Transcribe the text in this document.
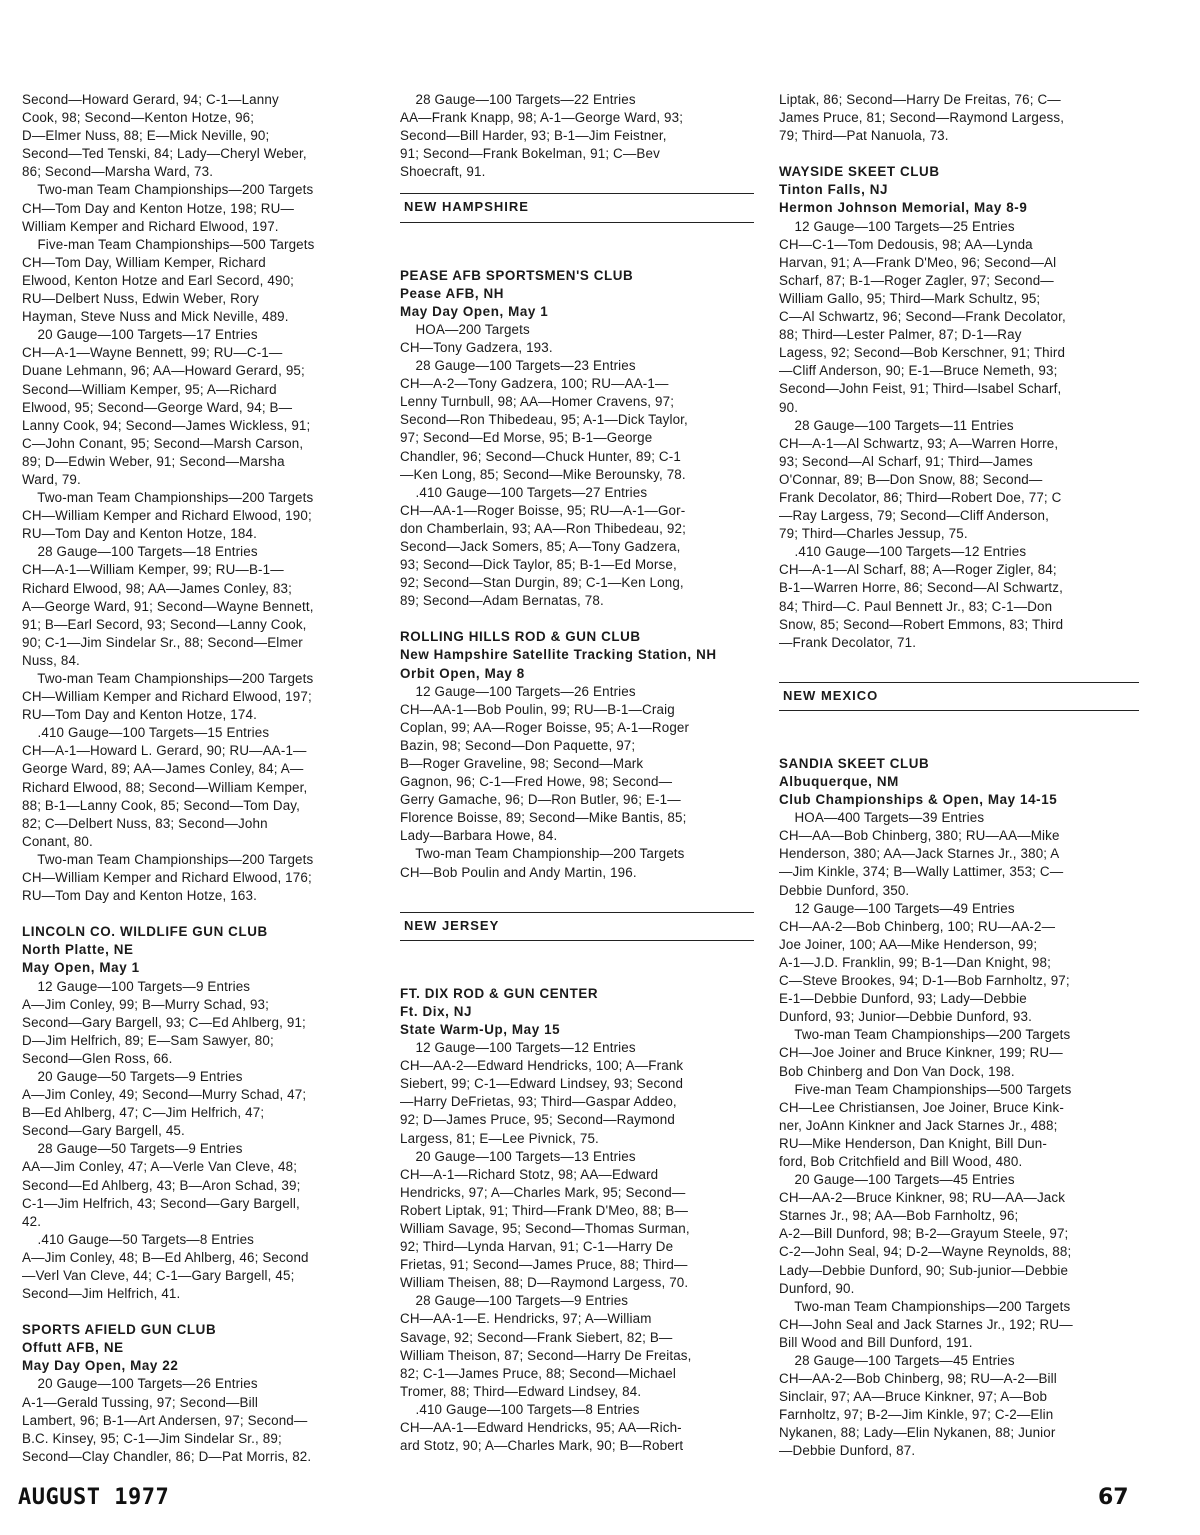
Second—Howard Gerard, 94; C-1—Lanny
Cook, 98; Second—Kenton Hotze, 96;
D—Elmer Nuss, 88; E—Mick Neville, 90;
Second—Ted Tenski, 84; Lady—Cheryl Weber,
86; Second—Marsha Ward, 73.
Two-man Team Championships—200 Targets
CH—Tom Day and Kenton Hotze, 198; RU—
William Kemper and Richard Elwood, 197.
Five-man Team Championships—500 Targets
CH—Tom Day, William Kemper, Richard
Elwood, Kenton Hotze and Earl Secord, 490;
RU—Delbert Nuss, Edwin Weber, Rory
Hayman, Steve Nuss and Mick Neville, 489.
20 Gauge—100 Targets—17 Entries
CH—A-1—Wayne Bennett, 99; RU—C-1—
Duane Lehmann, 96; AA—Howard Gerard, 95;
Second—William Kemper, 95; A—Richard
Elwood, 95; Second—George Ward, 94; B—
Lanny Cook, 94; Second—James Wickless, 91;
C—John Conant, 95; Second—Marsh Carson,
89; D—Edwin Weber, 91; Second—Marsha
Ward, 79.
Two-man Team Championships—200 Targets
CH—William Kemper and Richard Elwood, 190;
RU—Tom Day and Kenton Hotze, 184.
28 Gauge—100 Targets—18 Entries
CH—A-1—William Kemper, 99; RU—B-1—
Richard Elwood, 98; AA—James Conley, 83;
A—George Ward, 91; Second—Wayne Bennett,
91; B—Earl Secord, 93; Second—Lanny Cook,
90; C-1—Jim Sindelar Sr., 88; Second—Elmer
Nuss, 84.
Two-man Team Championships—200 Targets
CH—William Kemper and Richard Elwood, 197;
RU—Tom Day and Kenton Hotze, 174.
.410 Gauge—100 Targets—15 Entries
CH—A-1—Howard L. Gerard, 90; RU—AA-1—
George Ward, 89; AA—James Conley, 84; A—
Richard Elwood, 88; Second—William Kemper,
88; B-1—Lanny Cook, 85; Second—Tom Day,
82; C—Delbert Nuss, 83; Second—John
Conant, 80.
Two-man Team Championships—200 Targets
CH—William Kemper and Richard Elwood, 176;
RU—Tom Day and Kenton Hotze, 163.
LINCOLN CO. WILDLIFE GUN CLUB
North Platte, NE
May Open, May 1
12 Gauge—100 Targets—9 Entries
A—Jim Conley, 99; B—Murry Schad, 93;
Second—Gary Bargell, 93; C—Ed Ahlberg, 91;
D—Jim Helfrich, 89; E—Sam Sawyer, 80;
Second—Glen Ross, 66.
20 Gauge—50 Targets—9 Entries
A—Jim Conley, 49; Second—Murry Schad, 47;
B—Ed Ahlberg, 47; C—Jim Helfrich, 47;
Second—Gary Bargell, 45.
28 Gauge—50 Targets—9 Entries
AA—Jim Conley, 47; A—Verle Van Cleve, 48;
Second—Ed Ahlberg, 43; B—Aron Schad, 39;
C-1—Jim Helfrich, 43; Second—Gary Bargell,
42.
.410 Gauge—50 Targets—8 Entries
A—Jim Conley, 48; B—Ed Ahlberg, 46; Second
—Verl Van Cleve, 44; C-1—Gary Bargell, 45;
Second—Jim Helfrich, 41.
SPORTS AFIELD GUN CLUB
Offutt AFB, NE
May Day Open, May 22
20 Gauge—100 Targets—26 Entries
A-1—Gerald Tussing, 97; Second—Bill
Lambert, 96; B-1—Art Andersen, 97; Second—
B.C. Kinsey, 95; C-1—Jim Sindelar Sr., 89;
Second—Clay Chandler, 86; D—Pat Morris, 82.
28 Gauge—100 Targets—22 Entries
AA—Frank Knapp, 98; A-1—George Ward, 93;
Second—Bill Harder, 93; B-1—Jim Feistner,
91; Second—Frank Bokelman, 91; C—Bev
Shoecraft, 91.
NEW HAMPSHIRE
PEASE AFB SPORTSMEN'S CLUB
Pease AFB, NH
May Day Open, May 1
HOA—200 Targets
CH—Tony Gadzera, 193.
28 Gauge—100 Targets—23 Entries
CH—A-2—Tony Gadzera, 100; RU—AA-1—
Lenny Turnbull, 98; AA—Homer Cravens, 97;
Second—Ron Thibedeau, 95; A-1—Dick Taylor,
97; Second—Ed Morse, 95; B-1—George
Chandler, 96; Second—Chuck Hunter, 89; C-1
—Ken Long, 85; Second—Mike Berounsky, 78.
.410 Gauge—100 Targets—27 Entries
CH—AA-1—Roger Boisse, 95; RU—A-1—Gor-
don Chamberlain, 93; AA—Ron Thibedeau, 92;
Second—Jack Somers, 85; A—Tony Gadzera,
93; Second—Dick Taylor, 85; B-1—Ed Morse,
92; Second—Stan Durgin, 89; C-1—Ken Long,
89; Second—Adam Bernatas, 78.
ROLLING HILLS ROD & GUN CLUB
New Hampshire Satellite Tracking Station, NH
Orbit Open, May 8
12 Gauge—100 Targets—26 Entries
CH—AA-1—Bob Poulin, 99; RU—B-1—Craig
Coplan, 99; AA—Roger Boisse, 95; A-1—Roger
Bazin, 98; Second—Don Paquette, 97;
B—Roger Graveline, 98; Second—Mark
Gagnon, 96; C-1—Fred Howe, 98; Second—
Gerry Gamache, 96; D—Ron Butler, 96; E-1—
Florence Boisse, 89; Second—Mike Bantis, 85;
Lady—Barbara Howe, 84.
Two-man Team Championship—200 Targets
CH—Bob Poulin and Andy Martin, 196.
NEW JERSEY
FT. DIX ROD & GUN CENTER
Ft. Dix, NJ
State Warm-Up, May 15
12 Gauge—100 Targets—12 Entries
CH—AA-2—Edward Hendricks, 100; A—Frank
Siebert, 99; C-1—Edward Lindsey, 93; Second
—Harry DeFrietas, 93; Third—Gaspar Addeo,
92; D—James Pruce, 95; Second—Raymond
Largess, 81; E—Lee Pivnick, 75.
20 Gauge—100 Targets—13 Entries
CH—A-1—Richard Stotz, 98; AA—Edward
Hendricks, 97; A—Charles Mark, 95; Second—
Robert Liptak, 91; Third—Frank D'Meo, 88; B—
William Savage, 95; Second—Thomas Surman,
92; Third—Lynda Harvan, 91; C-1—Harry De
Frietas, 91; Second—James Pruce, 88; Third—
William Theisen, 88; D—Raymond Largess, 70.
28 Gauge—100 Targets—9 Entries
CH—AA-1—E. Hendricks, 97; A—William
Savage, 92; Second—Frank Siebert, 82; B—
William Theison, 87; Second—Harry De Freitas,
82; C-1—James Pruce, 88; Second—Michael
Tromer, 88; Third—Edward Lindsey, 84.
.410 Gauge—100 Targets—8 Entries
CH—AA-1—Edward Hendricks, 95; AA—Rich-
ard Stotz, 90; A—Charles Mark, 90; B—Robert
Liptak, 86; Second—Harry De Freitas, 76; C—
James Pruce, 81; Second—Raymond Largess,
79; Third—Pat Nanuola, 73.
WAYSIDE SKEET CLUB
Tinton Falls, NJ
Hermon Johnson Memorial, May 8-9
12 Gauge—100 Targets—25 Entries
CH—C-1—Tom Dedousis, 98; AA—Lynda
Harvan, 91; A—Frank D'Meo, 96; Second—Al
Scharf, 87; B-1—Roger Zagler, 97; Second—
William Gallo, 95; Third—Mark Schultz, 95;
C—Al Schwartz, 96; Second—Frank Decolator,
88; Third—Lester Palmer, 87; D-1—Ray
Lagess, 92; Second—Bob Kerschner, 91; Third
—Cliff Anderson, 90; E-1—Bruce Nemeth, 93;
Second—John Feist, 91; Third—Isabel Scharf,
90.
28 Gauge—100 Targets—11 Entries
CH—A-1—Al Schwartz, 93; A—Warren Horre,
93; Second—Al Scharf, 91; Third—James
O'Connar, 89; B—Don Snow, 88; Second—
Frank Decolator, 86; Third—Robert Doe, 77; C
—Ray Largess, 79; Second—Cliff Anderson,
79; Third—Charles Jessup, 75.
.410 Gauge—100 Targets—12 Entries
CH—A-1—Al Scharf, 88; A—Roger Zigler, 84;
B-1—Warren Horre, 86; Second—Al Schwartz,
84; Third—C. Paul Bennett Jr., 83; C-1—Don
Snow, 85; Second—Robert Emmons, 83; Third
—Frank Decolator, 71.
NEW MEXICO
SANDIA SKEET CLUB
Albuquerque, NM
Club Championships & Open, May 14-15
HOA—400 Targets—39 Entries
CH—AA—Bob Chinberg, 380; RU—AA—Mike
Henderson, 380; AA—Jack Starnes Jr., 380; A
—Jim Kinkle, 374; B—Wally Lattimer, 353; C—
Debbie Dunford, 350.
12 Gauge—100 Targets—49 Entries
CH—AA-2—Bob Chinberg, 100; RU—AA-2—
Joe Joiner, 100; AA—Mike Henderson, 99;
A-1—J.D. Franklin, 99; B-1—Dan Knight, 98;
C—Steve Brookes, 94; D-1—Bob Farnholtz, 97;
E-1—Debbie Dunford, 93; Lady—Debbie
Dunford, 93; Junior—Debbie Dunford, 93.
Two-man Team Championships—200 Targets
CH—Joe Joiner and Bruce Kinkner, 199; RU—
Bob Chinberg and Don Van Dock, 198.
Five-man Team Championships—500 Targets
CH—Lee Christiansen, Joe Joiner, Bruce Kink-
ner, JoAnn Kinkner and Jack Starnes Jr., 488;
RU—Mike Henderson, Dan Knight, Bill Dun-
ford, Bob Critchfield and Bill Wood, 480.
20 Gauge—100 Targets—45 Entries
CH—AA-2—Bruce Kinkner, 98; RU—AA—Jack
Starnes Jr., 98; AA—Bob Farnholtz, 96;
A-2—Bill Dunford, 98; B-2—Grayum Steele, 97;
C-2—John Seal, 94; D-2—Wayne Reynolds, 88;
Lady—Debbie Dunford, 90; Sub-junior—Debbie
Dunford, 90.
Two-man Team Championships—200 Targets
CH—John Seal and Jack Starnes Jr., 192; RU—
Bill Wood and Bill Dunford, 191.
28 Gauge—100 Targets—45 Entries
CH—AA-2—Bob Chinberg, 98; RU—A-2—Bill
Sinclair, 97; AA—Bruce Kinkner, 97; A—Bob
Farnholtz, 97; B-2—Jim Kinkle, 97; C-2—Elin
Nykanen, 88; Lady—Elin Nykanen, 88; Junior
—Debbie Dunford, 87.
AUGUST 1977	67
